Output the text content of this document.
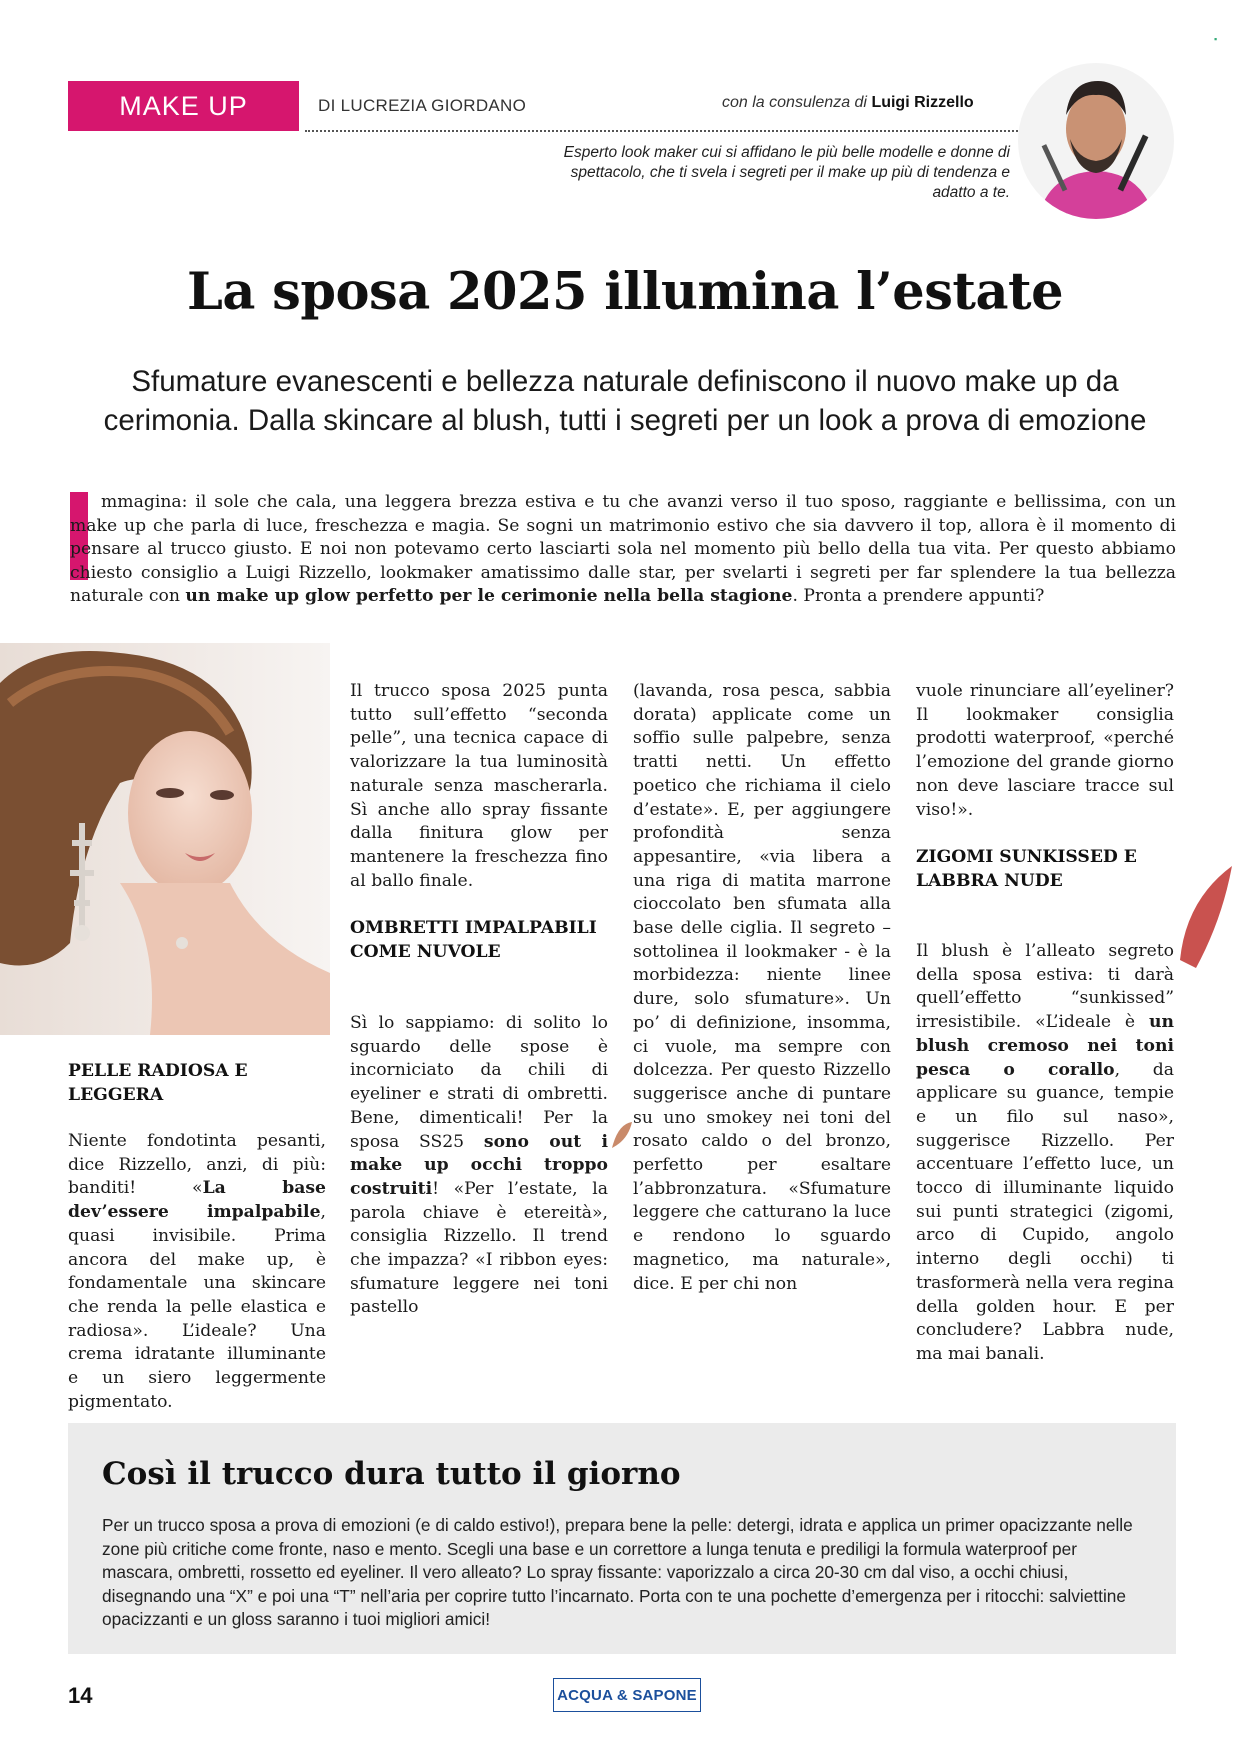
MAKE UP	DI LUCREZIA GIORDANO	con la consulenza di Luigi Rizzello
Esperto look maker cui si affidano le più belle modelle e donne di spettacolo, che ti svela i segreti per il make up più di tendenza e adatto a te.
▪
La sposa 2025 illumina l’estate
Sfumature evanescenti e bellezza naturale definiscono il nuovo make up da cerimonia. Dalla skincare al blush, tutti i segreti per un look a prova di emozione

mmagina: il sole che cala, una leggera brezza estiva e tu che avanzi verso il tuo sposo, raggiante e bellissima, con un make up che parla di luce, freschezza e magia. Se sogni un matrimonio estivo che sia davvero il top, allora è il momento di pensare al trucco giusto. E noi non potevamo certo lasciarti sola nel momento più bello della tua vita. Per questo abbiamo chiesto consiglio a Luigi Rizzello, lookmaker amatissimo dalle star, per svelarti i segreti per far splendere la tua bellezza naturale con un make up glow perfetto per le cerimonie nella bella stagione. Pronta a prendere appunti?

PELLE RADIOSA E LEGGERA

Niente fondotinta pesanti, dice Rizzello, anzi, di più: banditi! «La base dev’essere impalpabile, quasi invisibile. Prima ancora del make up, è fondamentale una skincare che renda la pelle elastica e radiosa». L’ideale? Una crema idratante illuminante e un siero leggermente pigmentato.

Il trucco sposa 2025 punta tutto sull’effetto “seconda pelle”, una tecnica capace di valorizzare la tua luminosità naturale senza mascherarla. Sì anche allo spray fissante dalla finitura glow per mantenere la freschezza fino al ballo finale.

OMBRETTI IMPALPABILI COME NUVOLE

Sì lo sappiamo: di solito lo sguardo delle spose è incorniciato da chili di eyeliner e strati di ombretti. Bene, dimenticali! Per la sposa SS25 sono out i make up occhi troppo costruiti! «Per l’estate, la parola chiave è etereità», consiglia Rizzello. Il trend che impazza? «I ribbon eyes: sfumature leggere nei toni pastello

(lavanda, rosa pesca, sabbia dorata) applicate come un soffio sulle palpebre, senza tratti netti. Un effetto poetico che richiama il cielo d’estate». E, per aggiungere profondità senza appesantire, «via libera a una riga di matita marrone cioccolato ben sfumata alla base delle ciglia. Il segreto – sottolinea il lookmaker - è la morbidezza: niente linee dure, solo sfumature». Un po’ di definizione, insomma, ci vuole, ma sempre con dolcezza. Per questo Rizzello suggerisce anche di puntare su uno smokey nei toni del rosato caldo o del bronzo, perfetto per esaltare l’abbronzatura. «Sfumature leggere che catturano la luce e rendono lo sguardo magnetico, ma naturale», dice. E per chi non

vuole rinunciare all’eyeliner? Il lookmaker consiglia prodotti waterproof, «perché l’emozione del grande giorno non deve lasciare tracce sul viso!».

ZIGOMI SUNKISSED E LABBRA NUDE

Il blush è l’alleato segreto della sposa estiva: ti darà quell’effetto “sunkissed” irresistibile. «L’ideale è un blush cremoso nei toni pesca o corallo, da applicare su guance, tempie e un filo sul naso», suggerisce Rizzello. Per accentuare l’effetto luce, un tocco di illuminante liquido sui punti strategici (zigomi, arco di Cupido, angolo interno degli occhi) ti trasformerà nella vera regina della golden hour. E per concludere? Labbra nude, ma mai banali.

Così il trucco dura tutto il giorno

Per un trucco sposa a prova di emozioni (e di caldo estivo!), prepara bene la pelle: detergi, idrata e applica un primer opacizzante nelle zone più critiche come fronte, naso e mento. Scegli una base e un correttore a lunga tenuta e prediligi la formula waterproof per mascara, ombretti, rossetto ed eyeliner. Il vero alleato? Lo spray fissante: vaporizzalo a circa 20-30 cm dal viso, a occhi chiusi, disegnando una “X” e poi una “T” nell’aria per coprire tutto l’incarnato. Porta con te una pochette d’emergenza per i ritocchi: salviettine opacizzanti e un gloss saranno i tuoi migliori amici!

14	ACQUA & SAPONE
